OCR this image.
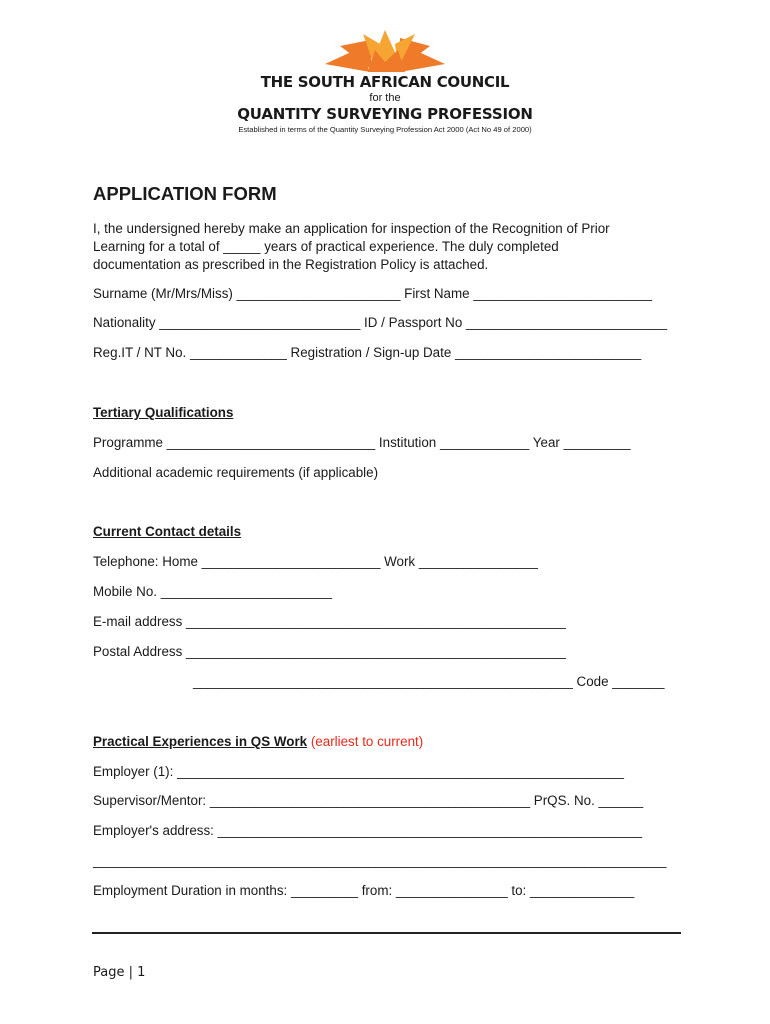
THE SOUTH AFRICAN COUNCIL
for the
QUANTITY SURVEYING PROFESSION
Established in terms of the Quantity Surveying Profession Act 2000 (Act No 49 of 2000)
APPLICATION FORM
I, the undersigned hereby make an application for inspection of the Recognition of Prior
Learning for a total of _____ years of practical experience. The duly completed
documentation as prescribed in the Registration Policy is attached.
Surname (Mr/Mrs/Miss) ______________________ First Name ________________________
Nationality ___________________________ ID / Passport No ___________________________
Reg.IT / NT No. _____________ Registration / Sign-up Date _________________________
Tertiary Qualifications
Programme ____________________________ Institution ____________ Year _________
Additional academic requirements (if applicable)
Current Contact details
Telephone: Home ________________________ Work ________________
Mobile No. _______________________
E-mail address ___________________________________________________
Postal Address ___________________________________________________
___________________________________________________ Code _______
Practical Experiences in QS Work (earliest to current)
Employer (1): ____________________________________________________________
Supervisor/Mentor: ___________________________________________ PrQS. No. ______
Employer's address: _________________________________________________________
_____________________________________________________________________________
Employment Duration in months: _________ from: _______________ to: ______________
Page | 1
